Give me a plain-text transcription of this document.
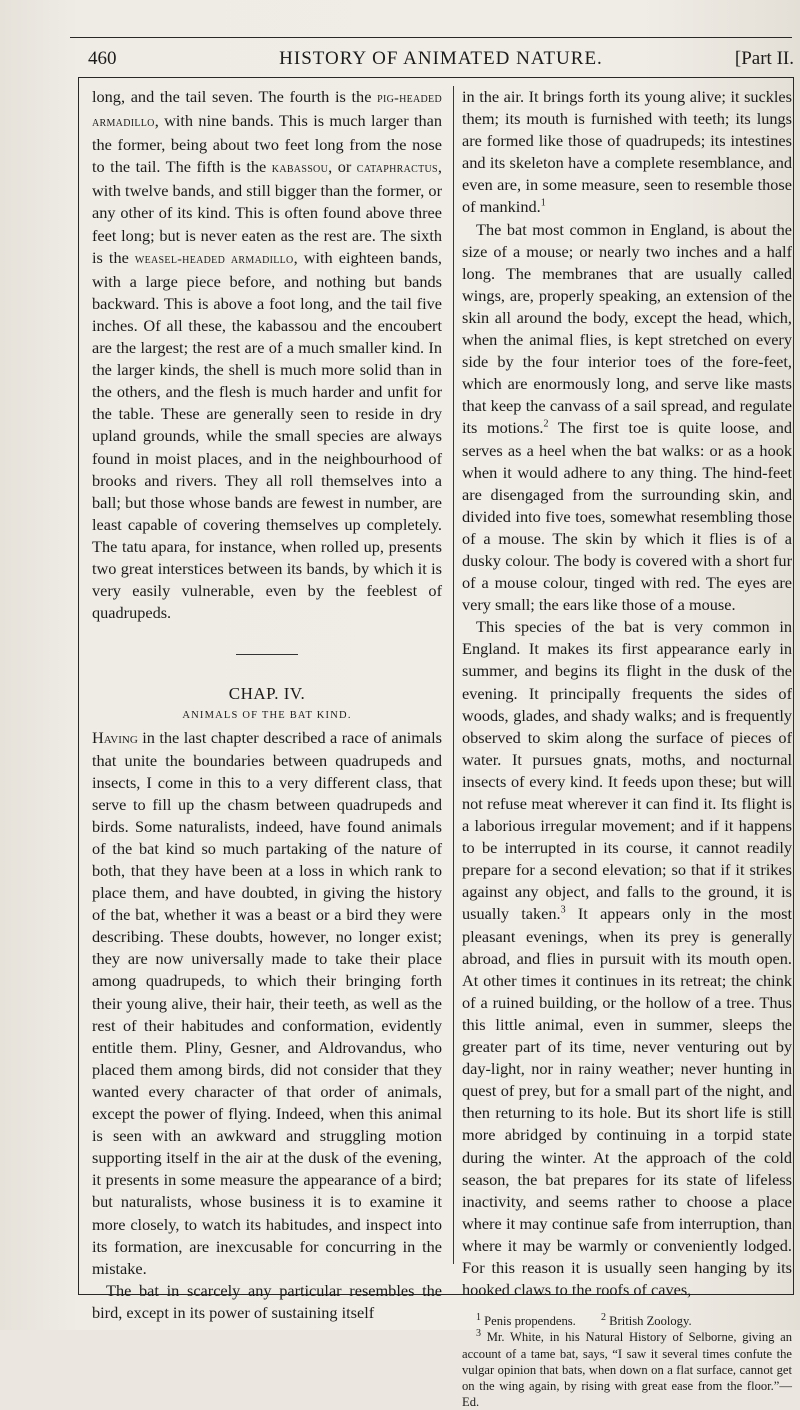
460	HISTORY OF ANIMATED NATURE.	[Part II.

long, and the tail seven. The fourth is the pig-headed armadillo, with nine bands. This is much larger than the former, being about two feet long from the nose to the tail. The fifth is the kabassou, or cataphractus, with twelve bands, and still bigger than the former, or any other of its kind. This is often found above three feet long; but is never eaten as the rest are. The sixth is the weasel-headed armadillo, with eighteen bands, with a large piece before, and nothing but bands backward. This is above a foot long, and the tail five inches. Of all these, the kabassou and the encoubert are the largest; the rest are of a much smaller kind. In the larger kinds, the shell is much more solid than in the others, and the flesh is much harder and unfit for the table. These are generally seen to reside in dry upland grounds, while the small species are always found in moist places, and in the neighbourhood of brooks and rivers. They all roll themselves into a ball; but those whose bands are fewest in number, are least capable of covering themselves up completely. The tatu apara, for instance, when rolled up, presents two great interstices between its bands, by which it is very easily vulnerable, even by the feeblest of quadrupeds.

CHAP. IV.

ANIMALS OF THE BAT KIND.

Having in the last chapter described a race of animals that unite the boundaries between quadrupeds and insects, I come in this to a very different class, that serve to fill up the chasm between quadrupeds and birds. Some naturalists, indeed, have found animals of the bat kind so much partaking of the nature of both, that they have been at a loss in which rank to place them, and have doubted, in giving the history of the bat, whether it was a beast or a bird they were describing. These doubts, however, no longer exist; they are now universally made to take their place among quadrupeds, to which their bringing forth their young alive, their hair, their teeth, as well as the rest of their habitudes and conformation, evidently entitle them. Pliny, Gesner, and Aldrovandus, who placed them among birds, did not consider that they wanted every character of that order of animals, except the power of flying. Indeed, when this animal is seen with an awkward and struggling motion supporting itself in the air at the dusk of the evening, it presents in some measure the appearance of a bird; but naturalists, whose business it is to examine it more closely, to watch its habitudes, and inspect into its formation, are inexcusable for concurring in the mistake.

The bat in scarcely any particular resembles the bird, except in its power of sustaining itself

in the air. It brings forth its young alive; it suckles them; its mouth is furnished with teeth; its lungs are formed like those of quadrupeds; its intestines and its skeleton have a complete resemblance, and even are, in some measure, seen to resemble those of mankind.$^1$

The bat most common in England, is about the size of a mouse; or nearly two inches and a half long. The membranes that are usually called wings, are, properly speaking, an extension of the skin all around the body, except the head, which, when the animal flies, is kept stretched on every side by the four interior toes of the fore-feet, which are enormously long, and serve like masts that keep the canvass of a sail spread, and regulate its motions.$^2$ The first toe is quite loose, and serves as a heel when the bat walks: or as a hook when it would adhere to any thing. The hind-feet are disengaged from the surrounding skin, and divided into five toes, somewhat resembling those of a mouse. The skin by which it flies is of a dusky colour. The body is covered with a short fur of a mouse colour, tinged with red. The eyes are very small; the ears like those of a mouse.

This species of the bat is very common in England. It makes its first appearance early in summer, and begins its flight in the dusk of the evening. It principally frequents the sides of woods, glades, and shady walks; and is frequently observed to skim along the surface of pieces of water. It pursues gnats, moths, and nocturnal insects of every kind. It feeds upon these; but will not refuse meat wherever it can find it. Its flight is a laborious irregular movement; and if it happens to be interrupted in its course, it cannot readily prepare for a second elevation; so that if it strikes against any object, and falls to the ground, it is usually taken.$^3$ It appears only in the most pleasant evenings, when its prey is generally abroad, and flies in pursuit with its mouth open. At other times it continues in its retreat; the chink of a ruined building, or the hollow of a tree. Thus this little animal, even in summer, sleeps the greater part of its time, never venturing out by day-light, nor in rainy weather; never hunting in quest of prey, but for a small part of the night, and then returning to its hole. But its short life is still more abridged by continuing in a torpid state during the winter. At the approach of the cold season, the bat prepares for its state of lifeless inactivity, and seems rather to choose a place where it may continue safe from interruption, than where it may be warmly or conveniently lodged. For this reason it is usually seen hanging by its hooked claws to the roofs of caves,

$^1$ Penis propendens.	$^2$ British Zoology.

$^3$ Mr. White, in his Natural History of Selborne, giving an account of a tame bat, says, “I saw it several times confute the vulgar opinion that bats, when down on a flat surface, cannot get on the wing again, by rising with great ease from the floor.”—Ed.
